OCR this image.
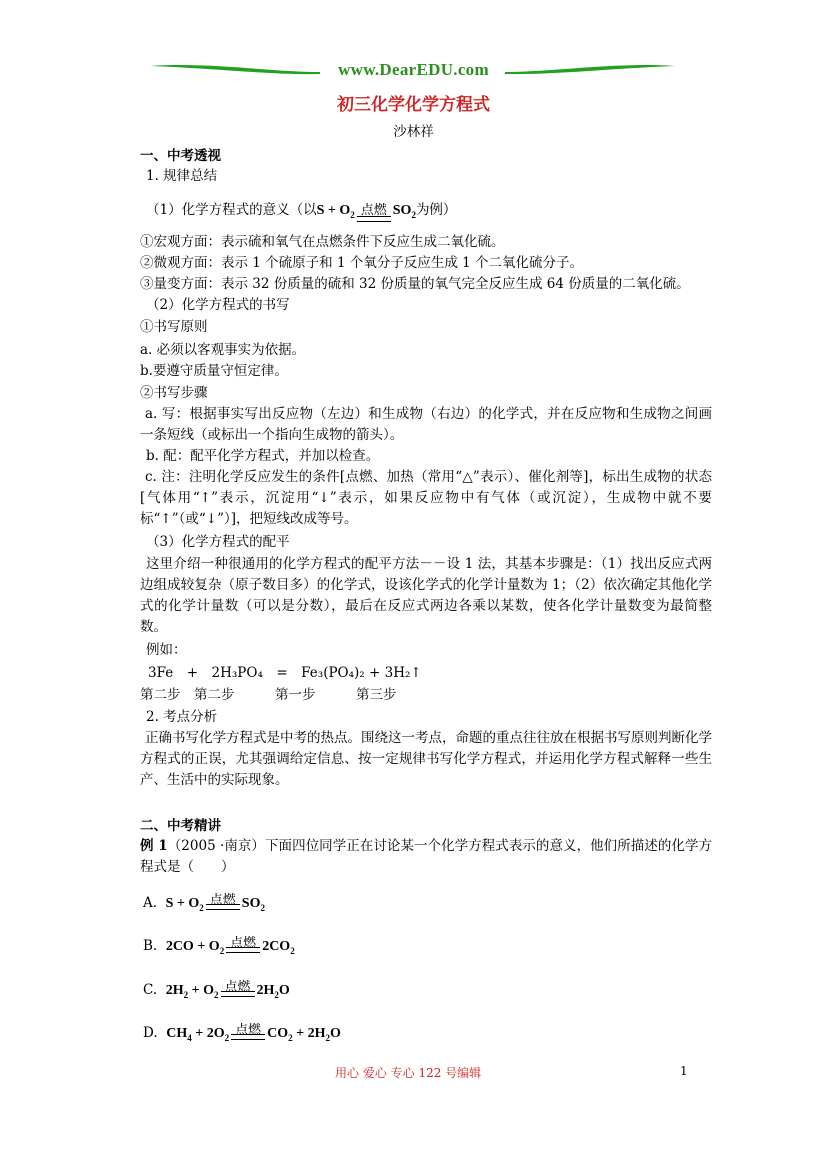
www.DearEDU.com
初三化学化学方程式
沙林祥
一、中考透视
1. 规律总结
（1）化学方程式的意义（以$S + O_2$ 点燃 $SO_2$为例）
①宏观方面：表示硫和氧气在点燃条件下反应生成二氧化硫。
②微观方面：表示 1 个硫原子和 1 个氧分子反应生成 1 个二氧化硫分子。
③量变方面：表示 32 份质量的硫和 32 份质量的氧气完全反应生成 64 份质量的二氧化硫。
（2）化学方程式的书写
①书写原则
a. 必须以客观事实为依据。
b.要遵守质量守恒定律。
②书写步骤
a. 写：根据事实写出反应物（左边）和生成物（右边）的化学式，并在反应物和生成物之间画一条短线（或标出一个指向生成物的箭头）。
b. 配：配平化学方程式，并加以检查。
c. 注：注明化学反应发生的条件[点燃、加热（常用“△”表示）、催化剂等]，标出生成物的状态[气体用“↑”表示，沉淀用“↓”表示，如果反应物中有气体（或沉淀），生成物中就不要标“↑”（或“↓”）]，把短线改成等号。
（3）化学方程式的配平
这里介绍一种很通用的化学方程式的配平方法－－设 1 法，其基本步骤是：（1）找出反应式两边组成较复杂（原子数目多）的化学式，设该化学式的化学计量数为 1；（2）依次确定其他化学式的化学计量数（可以是分数），最后在反应式两边各乘以某数，使各化学计量数变为最简整数。
例如：
3Fe　+　2H₃PO₄　=　Fe₃(PO₄)₂ + 3H₂↑
第二步　第二步　　　第一步　　　第三步
2. 考点分析
正确书写化学方程式是中考的热点。围绕这一考点，命题的重点往往放在根据书写原则判断化学方程式的正误，尤其强调给定信息、按一定规律书写化学方程式，并运用化学方程式解释一些生产、生活中的实际现象。
二、中考精讲
例 1（2005 ·南京）下面四位同学正在讨论某一个化学方程式表示的意义，他们所描述的化学方程式是（　　）
A. $S + O_2$ 点燃 $SO_2$
B. $2CO + O_2$ 点燃 $2CO_2$
C. $2H_2 + O_2$ 点燃 $2H_2O$
D. $CH_4 + 2O_2$ 点燃 $CO_2 + 2H_2O$
用心 爱心 专心 122 号编辑	1
